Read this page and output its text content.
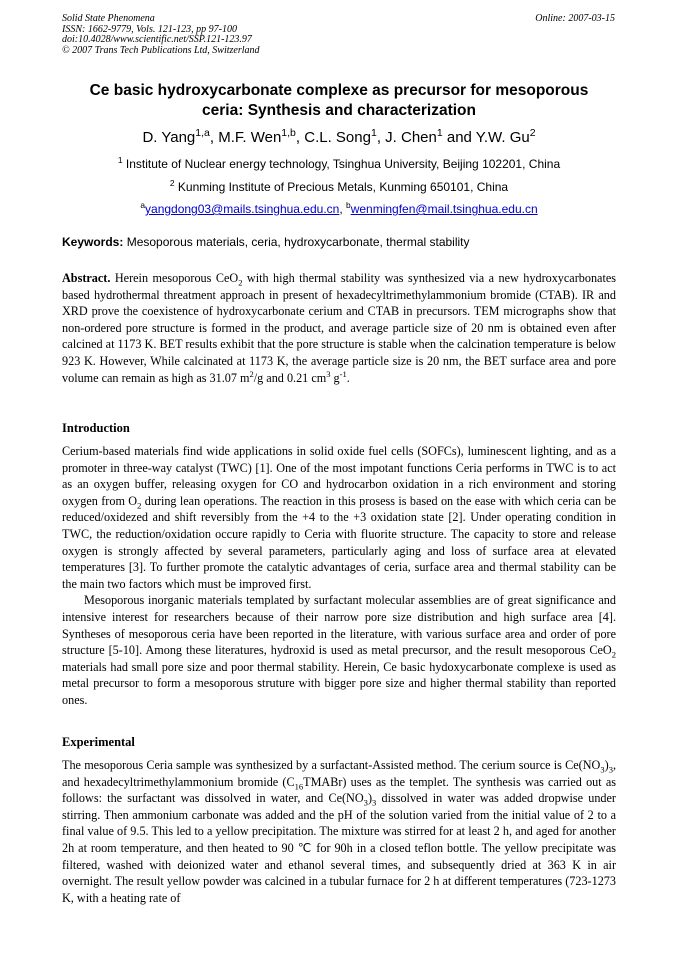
Solid State Phenomena
ISSN: 1662-9779, Vols. 121-123, pp 97-100
doi:10.4028/www.scientific.net/SSP.121-123.97
© 2007 Trans Tech Publications Ltd, Switzerland
Online: 2007-03-15
Ce basic hydroxycarbonate complexe as precursor for mesoporous
ceria: Synthesis and characterization
D. Yang$^{1,a}$, M.F. Wen$^{1,b}$, C.L. Song$^1$, J. Chen$^1$ and Y.W. Gu$^2$
$^1$ Institute of Nuclear energy technology, Tsinghua University, Beijing 102201, China
$^2$ Kunming Institute of Precious Metals, Kunming 650101, China
$^a$yangdong03@mails.tsinghua.edu.cn, $^b$wenmingfen@mail.tsinghua.edu.cn
Keywords: Mesoporous materials, ceria, hydroxycarbonate, thermal stability

Abstract. Herein mesoporous CeO$_2$ with high thermal stability was synthesized via a new hydroxycarbonates based hydrothermal threatment approach in present of hexadecyltrimethylammonium bromide (CTAB). IR and XRD prove the coexistence of hydroxycarbonate cerium and CTAB in precursors. TEM micrographs show that non-ordered pore structure is formed in the product, and average particle size of 20 nm is obtained even after calcined at 1173 K. BET results exhibit that the pore structure is stable when the calcination temperature is below 923 K. However, While calcinated at 1173 K, the average particle size is 20 nm, the BET surface area and pore volume can remain as high as 31.07 $m^2/g$ and 0.21 $cm^3$ $g^{-1}$.

Introduction

Cerium-based materials find wide applications in solid oxide fuel cells (SOFCs), luminescent lighting, and as a promoter in three-way catalyst (TWC) [1]. One of the most impotant functions Ceria performs in TWC is to act as an oxygen buffer, releasing oxygen for CO and hydrocarbon oxidation in a rich environment and storing oxygen from $O_2$ during lean operations. The reaction in this prosess is based on the ease with which ceria can be reduced/oxidezed and shift reversibly from the +4 to the +3 oxidation state [2]. Under operating condition in TWC, the reduction/oxidation occure rapidly to Ceria with fluorite structure. The capacity to store and release oxygen is strongly affected by several parameters, particularly aging and loss of surface area at elevated temperatures [3]. To further promote the catalytic advantages of ceria, surface area and thermal stability can be the main two factors which must be improved first.

Mesoporous inorganic materials templated by surfactant molecular assemblies are of great significance and intensive interest for researchers because of their narrow pore size distribution and high surface area [4]. Syntheses of mesoporous ceria have been reported in the literature, with various surface area and order of pore structure [5-10]. Among these literatures, hydroxid is used as metal precursor, and the result mesoporous CeO$_2$ materials had small pore size and poor thermal stability. Herein, Ce basic hydoxycarbonate complexe is used as metal precursor to form a mesoporous struture with bigger pore size and higher thermal stability than reported ones.

Experimental

The mesoporous Ceria sample was synthesized by a surfactant-Assisted method. The cerium source is $Ce(NO_3)_3$, and hexadecyltrimethylammonium bromide $(C_{16}TMABr)$ uses as the templet. The synthesis was carried out as follows: the surfactant was dissolved in water, and $Ce(NO_3)_3$ dissolved in water was added dropwise under stirring. Then ammonium carbonate was added and the pH of the solution varied from the initial value of 2 to a final value of 9.5. This led to a yellow precipitation. The mixture was stirred for at least 2 h, and aged for another 2h at room temperature, and then heated to 90 ℃ for 90h in a closed teflon bottle. The yellow precipitate was filtered, washed with deionized water and ethanol several times, and subsequently dried at 363 K in air overnight. The result yellow powder was calcined in a tubular furnace for 2 h at different temperatures (723-1273 K, with a heating rate of
